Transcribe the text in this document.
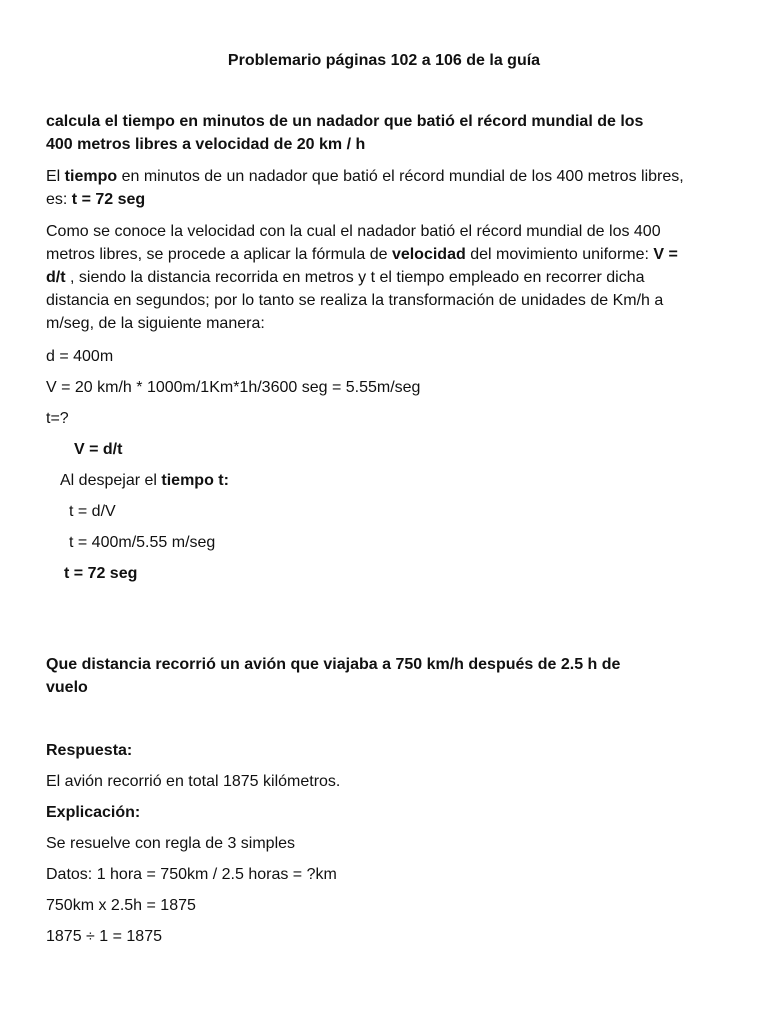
Problemario páginas 102 a 106 de la guía

calcula el tiempo en minutos de un nadador que batió el récord mundial de los

400 metros libres a velocidad de 20 km / h

El tiempo en minutos de un nadador que batió el récord mundial de los 400 metros libres,

es: t = 72 seg

Como se conoce la velocidad con la cual el nadador batió el récord mundial de los 400

metros libres, se procede a aplicar la fórmula de velocidad del movimiento uniforme: V =

d/t , siendo la distancia recorrida en metros y t el tiempo empleado en recorrer dicha

distancia en segundos; por lo tanto se realiza la transformación de unidades de Km/h a

m/seg, de la siguiente manera:

d = 400m

V = 20 km/h * 1000m/1Km*1h/3600 seg = 5.55m/seg

t=?

V = d/t

Al despejar el tiempo t:

t = d/V

t = 400m/5.55 m/seg

t = 72 seg

Que distancia recorrió un avión que viajaba a 750 km/h después de 2.5 h de

vuelo

Respuesta:

El avión recorrió en total 1875 kilómetros.

Explicación:

Se resuelve con regla de 3 simples

Datos: 1 hora = 750km / 2.5 horas = ?km

750km x 2.5h = 1875

1875 ÷ 1 = 1875
